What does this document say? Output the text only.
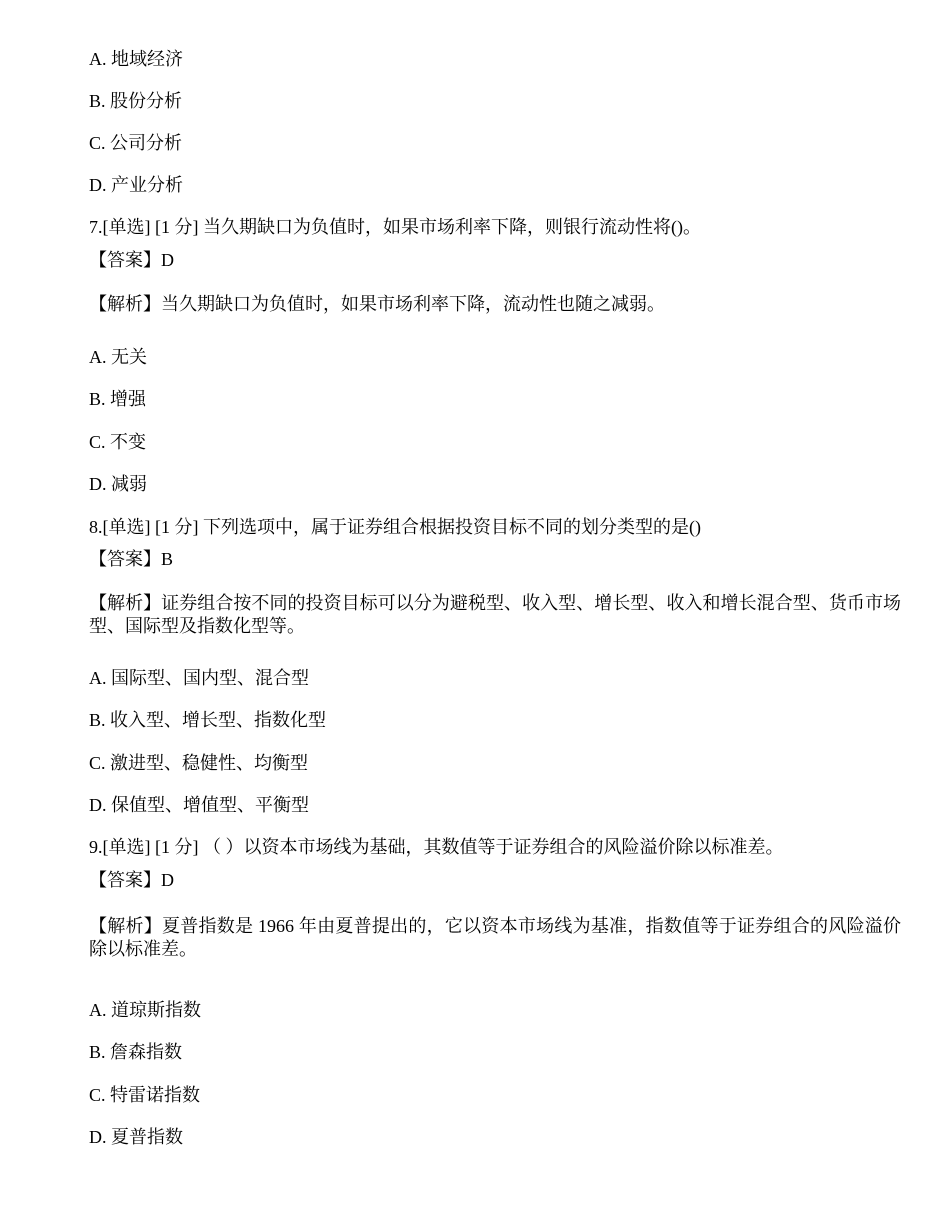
A. 地域经济
B. 股份分析
C. 公司分析
D. 产业分析
7.[单选] [1 分] 当久期缺口为负值时，如果市场利率下降，则银行流动性将()。
【答案】D
【解析】当久期缺口为负值时，如果市场利率下降，流动性也随之减弱。
A. 无关
B. 增强
C. 不变
D. 减弱
8.[单选] [1 分] 下列选项中，属于证券组合根据投资目标不同的划分类型的是()
【答案】B
【解析】证券组合按不同的投资目标可以分为避税型、收入型、增长型、收入和增长混合型、货币市场型、国际型及指数化型等。
A. 国际型、国内型、混合型
B. 收入型、增长型、指数化型
C. 激进型、稳健性、均衡型
D. 保值型、增值型、平衡型
9.[单选] [1 分] （ ）以资本市场线为基础，其数值等于证券组合的风险溢价除以标准差。
【答案】D
【解析】夏普指数是 1966 年由夏普提出的，它以资本市场线为基准，指数值等于证券组合的风险溢价除以标准差。
A. 道琼斯指数
B. 詹森指数
C. 特雷诺指数
D. 夏普指数
